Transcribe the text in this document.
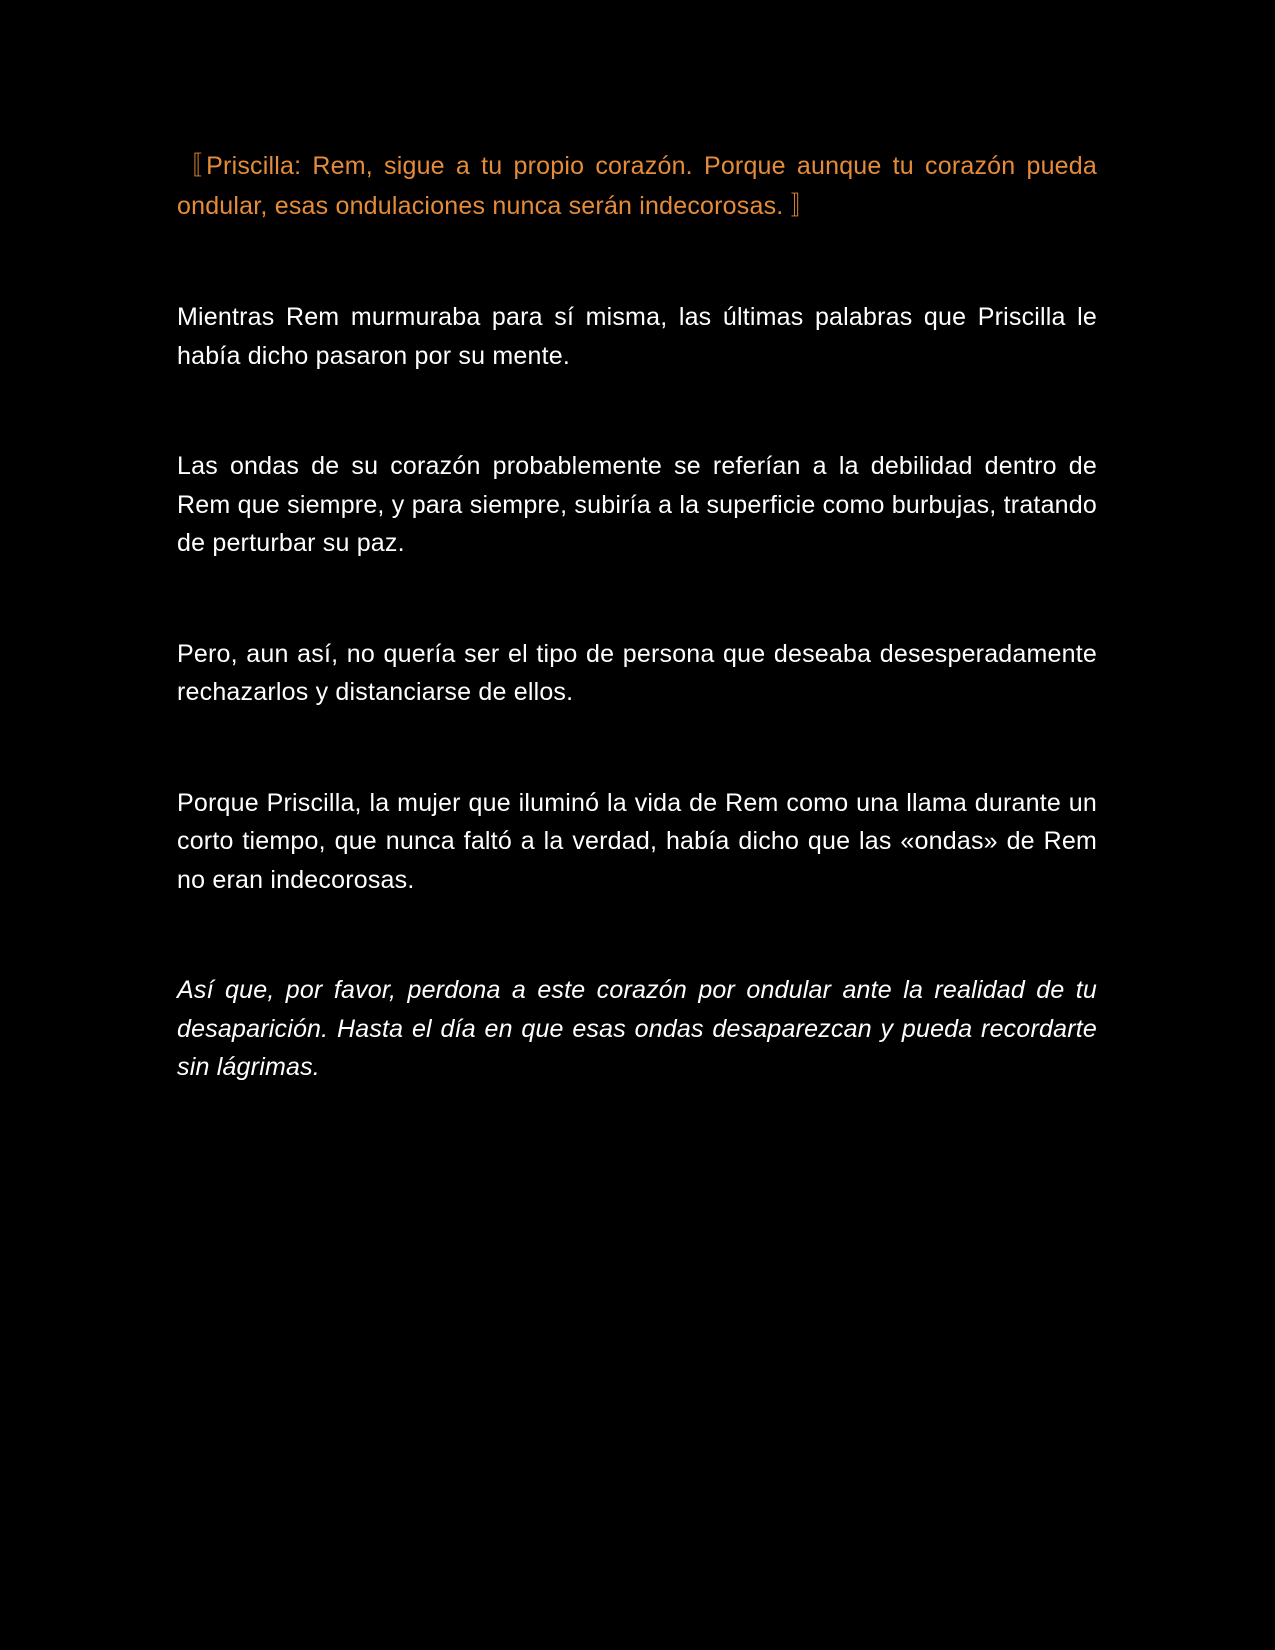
〚Priscilla: Rem, sigue a tu propio corazón. Porque aunque tu corazón pueda ondular, esas ondulaciones nunca serán indecorosas. 〛

Mientras Rem murmuraba para sí misma, las últimas palabras que Priscilla le había dicho pasaron por su mente.

Las ondas de su corazón probablemente se referían a la debilidad dentro de Rem que siempre, y para siempre, subiría a la superficie como burbujas, tratando de perturbar su paz.

Pero, aun así, no quería ser el tipo de persona que deseaba desesperadamente rechazarlos y distanciarse de ellos.

Porque Priscilla, la mujer que iluminó la vida de Rem como una llama durante un corto tiempo, que nunca faltó a la verdad, había dicho que las «ondas» de Rem no eran indecorosas.

Así que, por favor, perdona a este corazón por ondular ante la realidad de tu desaparición. Hasta el día en que esas ondas desaparezcan y pueda recordarte sin lágrimas.
